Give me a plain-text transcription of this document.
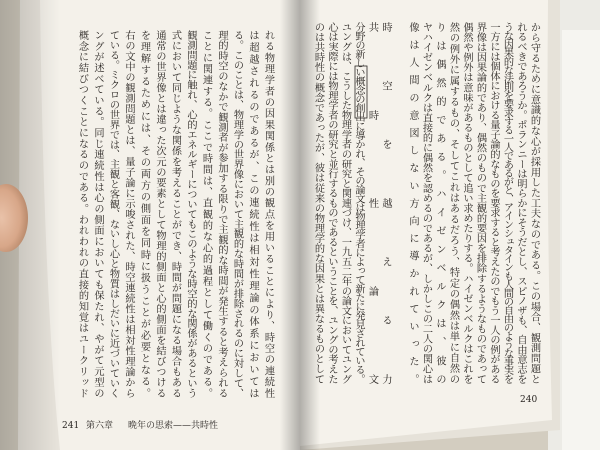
れる物理学者の因果関係とは別の観点を用いることにより、時空の連続性
は超越されるのであるが、この連続性は相対性理論の体系においては
る。このことは、物理学の世界像において主観的な時間が排除されるのに対して、
理的時空のなかで観測者が参加する限りで主観的な時間が発生すると考えられる
ことに関連する。ここで時間は、直観的な心的過程として働くのである。
観測問題に触れ、心的エネルギーについてもこのような時空的な関係があるという
式において同じような関係を考えることができ、時間が問題になる場合もある
通常の世界像とは違った次元の要素として物理的側面と心的側面を結びつける
を理解するためには、その両方の側面を同時に扱うことが必要となる。
右の文中の観測問題とは、量子論に示唆された、時空連続性は相対性理論から
ている。ミクロの世界では、主観と客観、ないし心と物質はしだいに近づいていく
ングが述べている。同じ連続性は心の側面においても保たれ、やがて元型の
概念に結びつくことになるのである。われわれの直接的知覚はユークリッド
から守るために意識的な心が採用した工夫なのである。この場合、観測問題と
れるべきであろうか。ポランニーは明らかにそうだとし、スピノザも、自由意志を
うな因果的な法則を要求する一人であるがと、アインシュタインも人間の自由のような事実を
一方には個体における量子論的なものを要求すると考えたのでもう一人の例がある
界像は因果論的であり、偶然のもので主観的要因を排除するようなものであって
偶然や例外は意味があるものとして追い求めたりする。ハイゼンベルクはこれを
然の例外に属するもの、そしてこれはあるだろう、特定の偶然は単に自然の
りは偶然的である。ハイゼンベルクは、彼の
ヤハイゼンベルクは直接的に偶然を認めるのであるが、しかしこの二人の関心は
像は人間の意図しない方向に導かれていった。
時空を越える力
共時性論文
分野の新しい概念の創出に導かれ、その論文は物理学者によって新たに発見されている。
ユングは、こうした物理学者の研究と関連づけ、一九五二年の論文においてユング
心は実際には物理学者の研究と並行するものであるということを、ユングの考えた
のは共時性の概念であったが、彼は従来の物理学的な因果とは異なるものとして
241 第六章 晩年の思索——共時性
240
